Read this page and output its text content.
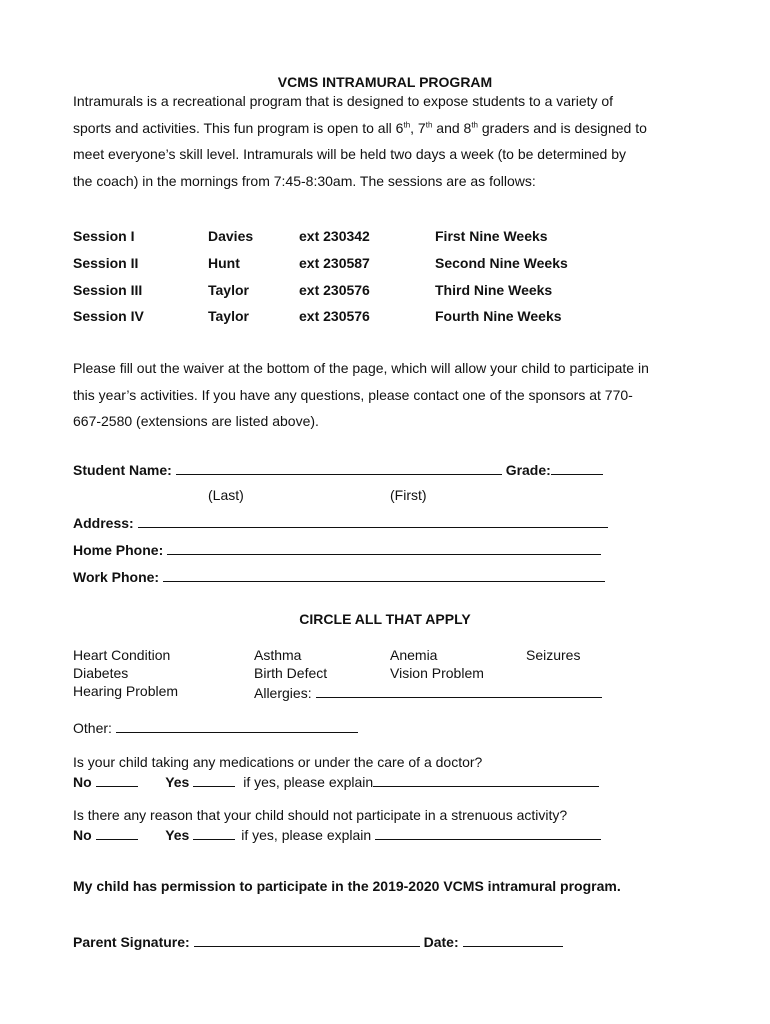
VCMS INTRAMURAL PROGRAM
Intramurals is a recreational program that is designed to expose students to a variety of
sports and activities. This fun program is open to all 6th, 7th and 8th graders and is designed to
meet everyone’s skill level. Intramurals will be held two days a week (to be determined by
the coach) in the mornings from 7:45-8:30am. The sessions are as follows:
Session I	Davies	ext 230342	First Nine Weeks
Session II	Hunt	ext 230587	Second Nine Weeks
Session III	Taylor	ext 230576	Third Nine Weeks
Session IV	Taylor	ext 230576	Fourth Nine Weeks
Please fill out the waiver at the bottom of the page, which will allow your child to participate in
this year’s activities. If you have any questions, please contact one of the sponsors at 770-
667-2580 (extensions are listed above).
Student Name:	Grade:
(Last)	(First)
Address:
Home Phone:
Work Phone:
CIRCLE ALL THAT APPLY
Heart Condition	Asthma	Anemia	Seizures
Diabetes	Birth Defect	Vision Problem
Hearing Problem	Allergies:
Other:
Is your child taking any medications or under the care of a doctor?
No	Yes	if yes, please explain
Is there any reason that your child should not participate in a strenuous activity?
No	Yes	if yes, please explain
My child has permission to participate in the 2019-2020 VCMS intramural program.
Parent Signature:	Date:
